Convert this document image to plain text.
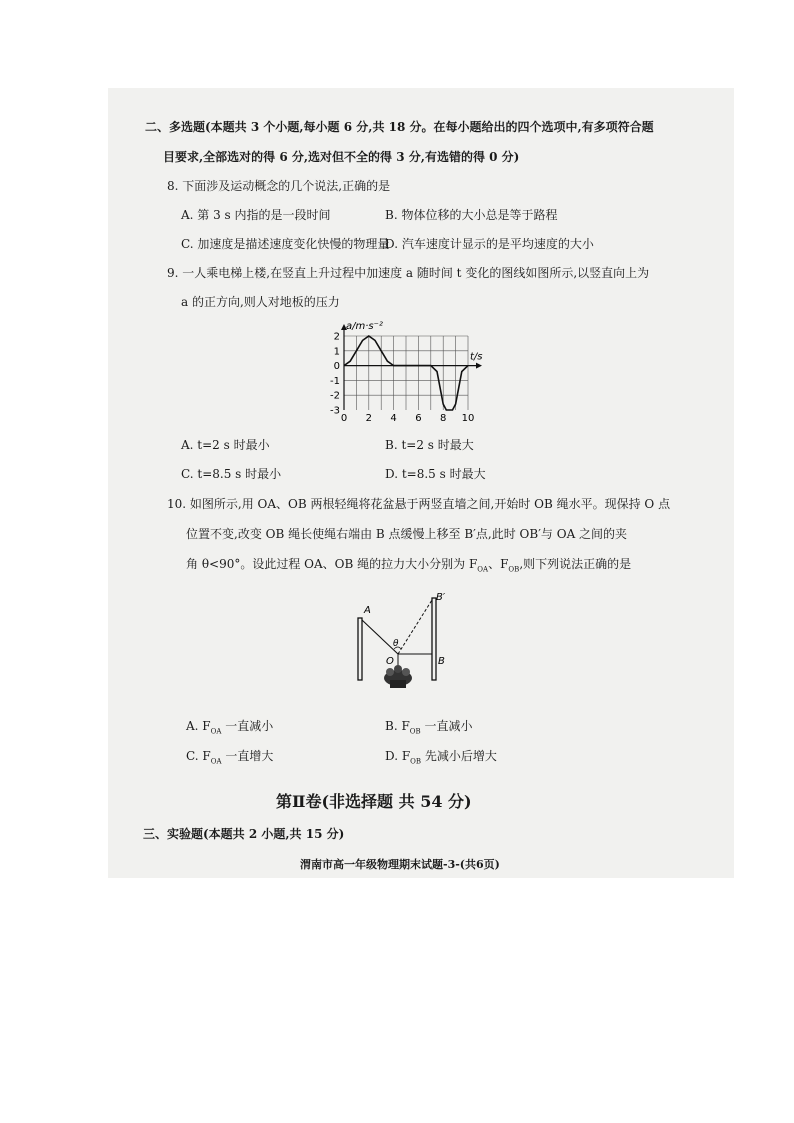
二、多选题(本题共 3 个小题,每小题 6 分,共 18 分。在每小题给出的四个选项中,有多项符合题
目要求,全部选对的得 6 分,选对但不全的得 3 分,有选错的得 0 分)
8. 下面涉及运动概念的几个说法,正确的是
A. 第 3 s 内指的是一段时间	B. 物体位移的大小总是等于路程
C. 加速度是描述速度变化快慢的物理量
D. 汽车速度计显示的是平均速度的大小
9. 一人乘电梯上楼,在竖直上升过程中加速度 a 随时间 t 变化的图线如图所示,以竖直向上为
a 的正方向,则人对地板的压力
0 2 4 6 8 10
2
1
0
-1
-2
-3
a/m·s⁻²
t/s
A. t=2 s 时最小	B. t=2 s 时最大
C. t=8.5 s 时最小	D. t=8.5 s 时最大
10. 如图所示,用 OA、OB 两根轻绳将花盆悬于两竖直墙之间,开始时 OB 绳水平。现保持 O 点
位置不变,改变 OB 绳长使绳右端由 B 点缓慢上移至 B′点,此时 OB′与 OA 之间的夹
角 θ<90°。设此过程 OA、OB 绳的拉力大小分别为 $F_{OA}$、$F_{OB}$,则下列说法正确的是
A
B′
θ
O	B
A. $F_{OA}$ 一直减小	B. $F_{OB}$ 一直减小
C. $F_{OA}$ 一直增大	D. $F_{OB}$ 先减小后增大
第Ⅱ卷(非选择题 共 54 分)
三、实验题(本题共 2 小题,共 15 分)
渭南市高一年级物理期末试题-3-(共6页)
